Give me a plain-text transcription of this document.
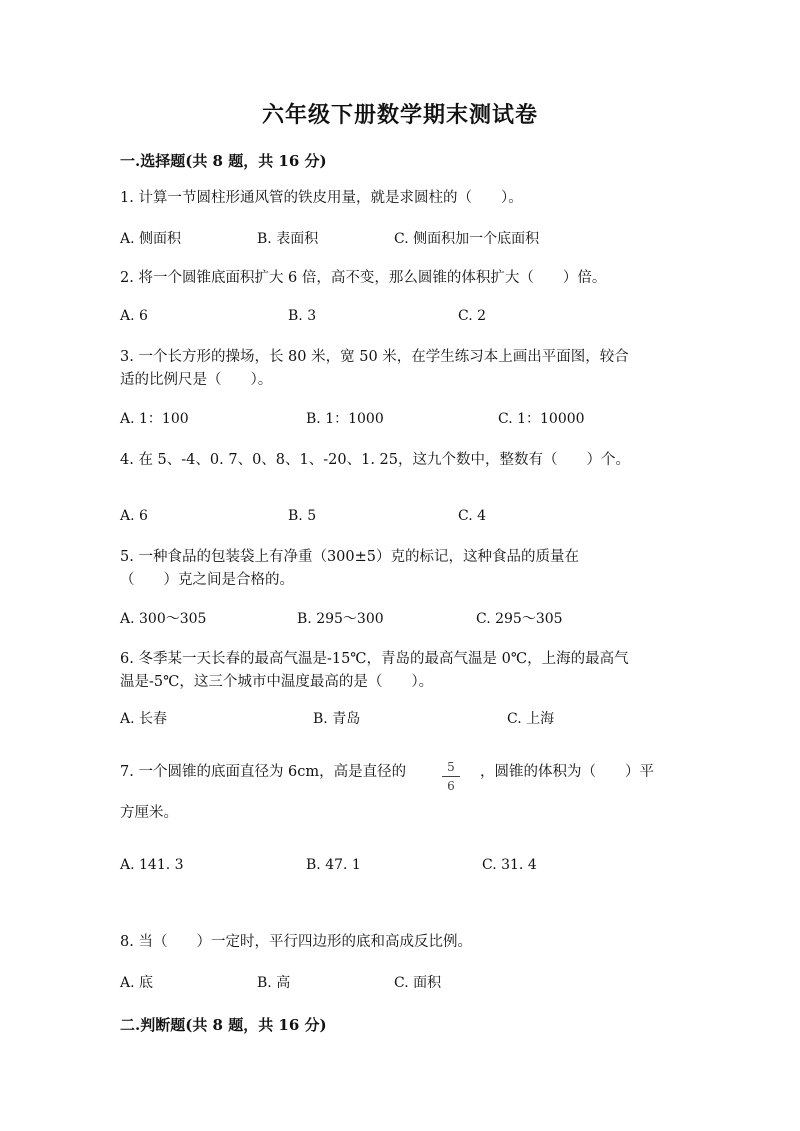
六年级下册数学期末测试卷
一.选择题(共 8 题，共 16 分)
1. 计算一节圆柱形通风管的铁皮用量，就是求圆柱的（　　）。
A. 侧面积	B. 表面积	C. 侧面积加一个底面积
2. 将一个圆锥底面积扩大 6 倍，高不变，那么圆锥的体积扩大（　　）倍。
A. 6	B. 3	C. 2
3. 一个长方形的操场，长 80 米，宽 50 米，在学生练习本上画出平面图，较合
适的比例尺是（　　）。
A. 1：100	B. 1：1000	C. 1：10000
4. 在 5、-4、0. 7、0、8、1、-20、1. 25，这九个数中，整数有（　　）个。
A. 6	B. 5	C. 4
5. 一种食品的包装袋上有净重（300±5）克的标记，这种食品的质量在
（　　）克之间是合格的。
A. 300～305	B. 295～300	C. 295～305
6. 冬季某一天长春的最高气温是-15℃，青岛的最高气温是 0℃，上海的最高气
温是-5℃，这三个城市中温度最高的是（　　）。
A. 长春	B. 青岛	C. 上海
7. 一个圆锥的底面直径为 6cm，高是直径的	5
6
，圆锥的体积为（　　）平
方厘米。
A. 141. 3	B. 47. 1	C. 31. 4
8. 当（　　）一定时，平行四边形的底和高成反比例。
A. 底	B. 高	C. 面积
二.判断题(共 8 题，共 16 分)
